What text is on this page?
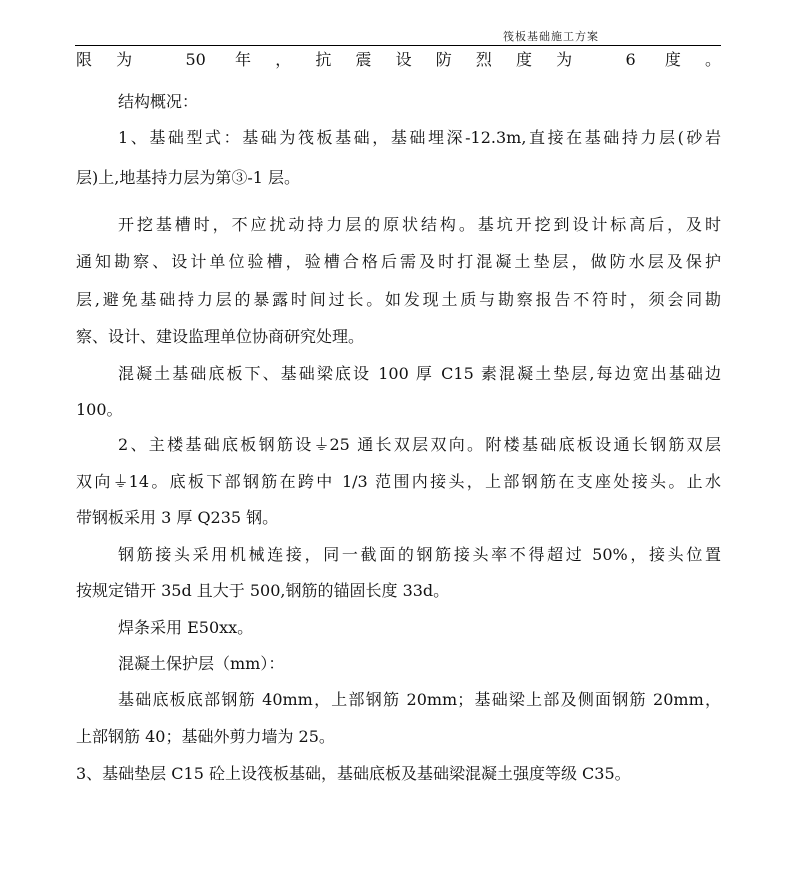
筏板基础施工方案
限为 50 年，抗震设防烈度为 6 度。
结构概况：
1、基础型式：基础为筏板基础，基础埋深-12.3m,直接在基础持力层(砂岩
层)上,地基持力层为第③-1 层。
开挖基槽时，不应扰动持力层的原状结构。基坑开挖到设计标高后，及时
通知勘察、设计单位验槽，验槽合格后需及时打混凝土垫层，做防水层及保护
层,避免基础持力层的暴露时间过长。如发现土质与勘察报告不符时，须会同勘
察、设计、建设监理单位协商研究处理。
混凝土基础底板下、基础梁底设 100 厚 C15 素混凝土垫层,每边宽出基础边
100。
2、主楼基础底板钢筋设⏚25 通长双层双向。附楼基础底板设通长钢筋双层
双向⏚14。底板下部钢筋在跨中 1/3 范围内接头，上部钢筋在支座处接头。止水
带钢板采用 3 厚 Q235 钢。
钢筋接头采用机械连接，同一截面的钢筋接头率不得超过 50%，接头位置
按规定错开 35d 且大于 500,钢筋的锚固长度 33d。
焊条采用 E50xx。
混凝土保护层（mm）：
基础底板底部钢筋 40mm，上部钢筋 20mm；基础梁上部及侧面钢筋 20mm，
上部钢筋 40；基础外剪力墙为 25。
3、基础垫层 C15 砼上设筏板基础，基础底板及基础梁混凝土强度等级 C35。
